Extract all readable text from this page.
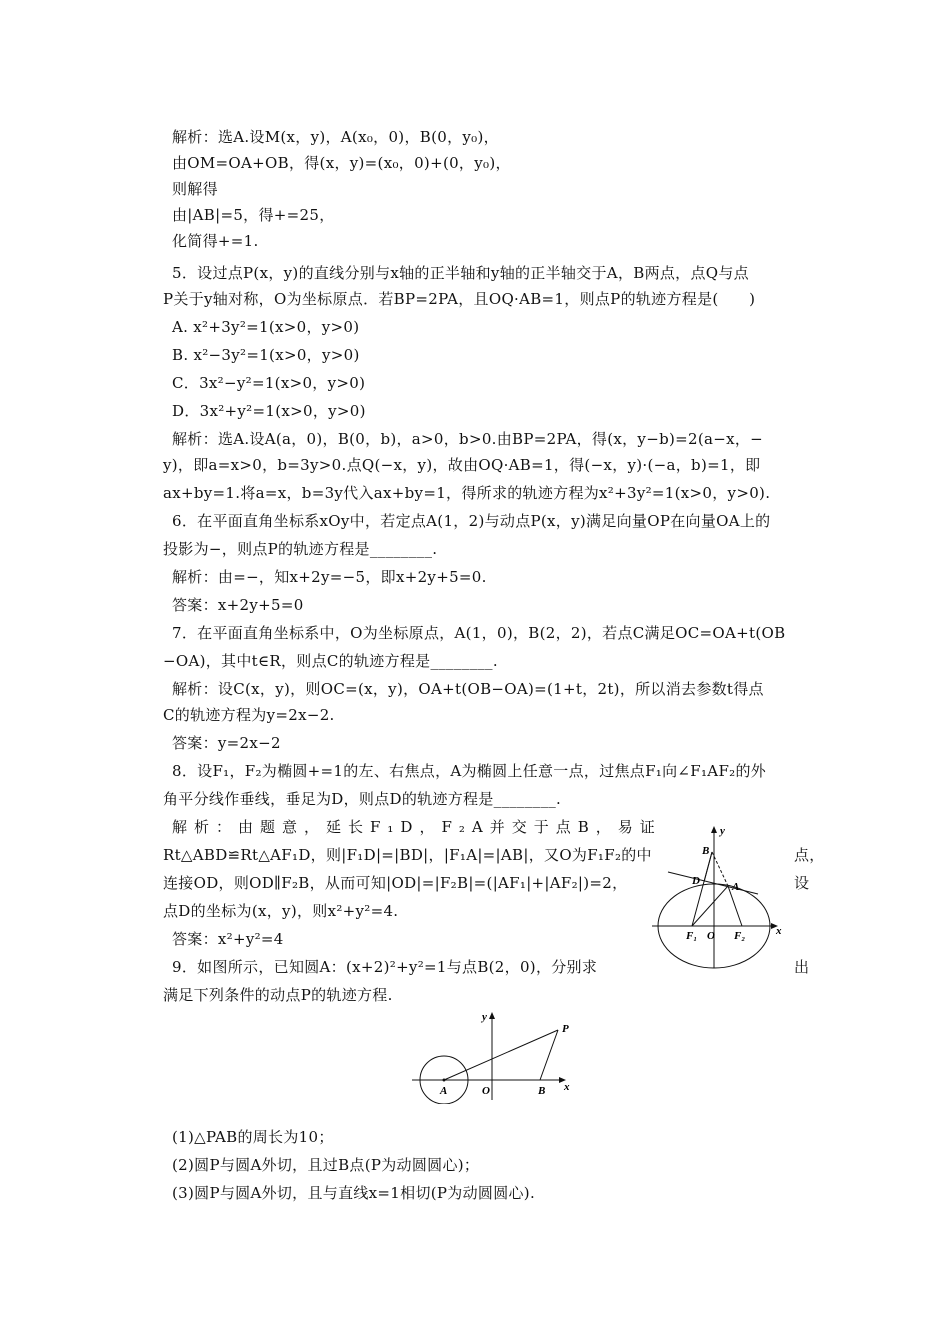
解析：选A.设M(x，y)，A(x₀，0)，B(0，y₀)，
由OM=OA+OB，得(x，y)=(x₀，0)+(0，y₀)，
则解得
由|AB|=5，得+=25，
化简得+=1.
5．设过点P(x，y)的直线分别与x轴的正半轴和y轴的正半轴交于A，B两点，点Q与点
P关于y轴对称，O为坐标原点．若BP=2PA，且OQ·AB=1，则点P的轨迹方程是(　　)
A. x²+3y²=1(x>0，y>0)
B. x²−3y²=1(x>0，y>0)
C．3x²−y²=1(x>0，y>0)
D．3x²+y²=1(x>0，y>0)
解析：选A.设A(a，0)，B(0，b)，a>0，b>0.由BP=2PA，得(x，y−b)=2(a−x，−
y)，即a=x>0，b=3y>0.点Q(−x，y)，故由OQ·AB=1，得(−x，y)·(−a，b)=1，即
ax+by=1.将a=x，b=3y代入ax+by=1，得所求的轨迹方程为x²+3y²=1(x>0，y>0).
6．在平面直角坐标系xOy中，若定点A(1，2)与动点P(x，y)满足向量OP在向量OA上的
投影为−，则点P的轨迹方程是________.
解析：由=−，知x+2y=−5，即x+2y+5=0.
答案：x+2y+5=0
7．在平面直角坐标系中，O为坐标原点，A(1，0)，B(2，2)，若点C满足OC=OA+t(OB
−OA)，其中t∈R，则点C的轨迹方程是________.
解析：设C(x，y)，则OC=(x，y)，OA+t(OB−OA)=(1+t，2t)，所以消去参数t得点
C的轨迹方程为y=2x−2.
答案：y=2x−2
8．设F₁，F₂为椭圆+=1的左、右焦点，A为椭圆上任意一点，过焦点F₁向∠F₁AF₂的外
角平分线作垂线，垂足为D，则点D的轨迹方程是________.
解析：由题意，延长F₁D，F₂A并交于点B，易证
Rt△ABD≌Rt△AF₁D，则|F₁D|=|BD|，|F₁A|=|AB|，又O为F₁F₂的中
连接OD，则OD∥F₂B，从而可知|OD|=|F₂B|=(|AF₁|+|AF₂|)=2，
点D的坐标为(x，y)，则x²+y²=4.
答案：x²+y²=4
9．如图所示，已知圆A：(x+2)²+y²=1与点B(2，0)，分别求
满足下列条件的动点P的轨迹方程.
(1)△PAB的周长为10；
(2)圆P与圆A外切，且过B点(P为动圆圆心)；
(3)圆P与圆A外切，且与直线x=1相切(P为动圆圆心).
点，
设
出
y
x
B
D	A
F₁ O F₂
y
x
P
A	O	B
